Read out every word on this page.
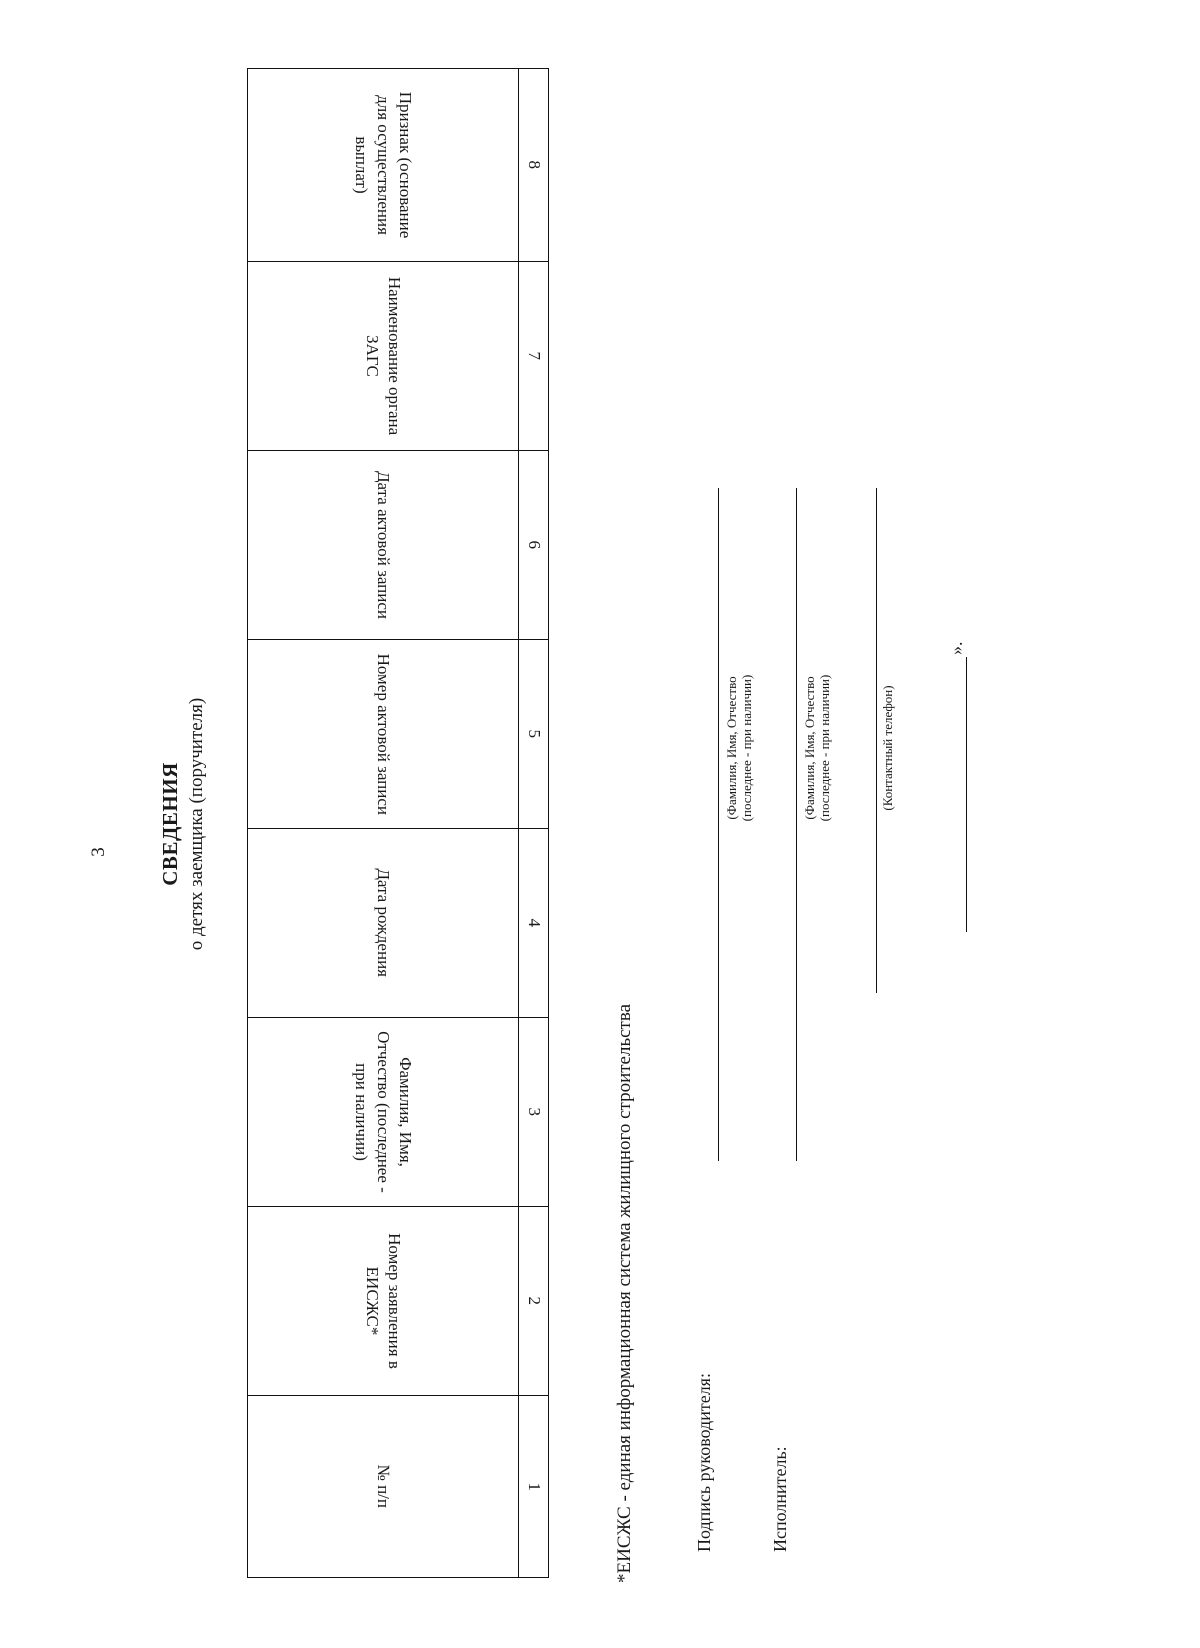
3 СВЕДЕНИЯ о детях заемщика (поручителя)
№ п/п	Номер заявления в ЕИСЖС*	Фамилия, Имя, Отчество (последнее - при наличии)	Дата рождения	Номер актовой записи	Дата актовой записи	Наименование органа ЗАГС	Признак (основание для осуществления выплат)
1	2	3	4	5	6	7	8
*ЕИСЖС - единая информационная система жилищного строительства	Подпись руководителя:
(Фамилия, Имя, Отчество
(последнее - при наличии)
Исполнитель:
(Фамилия, Имя, Отчество
(последнее - при наличии)	(Контактный телефон)
».
